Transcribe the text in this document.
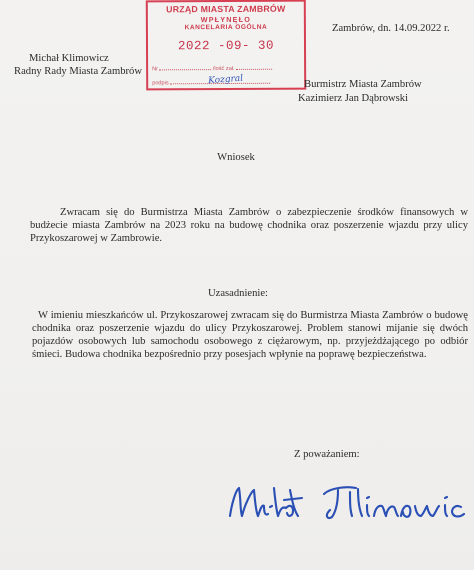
URZĄD MIASTA ZAMBRÓW
WPŁYNĘŁO
KANCELARIA OGÓLNA
2022 -09- 30
Nr	ilość zał.
podpis	Kozgral
Zambrów, dn. 14.09.2022 r.
Michał Klimowicz
Radny Rady Miasta Zambrów
Burmistrz Miasta Zambrów
Kazimierz Jan Dąbrowski
Wniosek
Zwracam się do Burmistrza Miasta Zambrów o zabezpieczenie środków finansowych w budżecie miasta Zambrów na 2023 roku na budowę chodnika oraz poszerzenie wjazdu przy ulicy Przykoszarowej w Zambrowie.
Uzasadnienie:
W imieniu mieszkańców ul. Przykoszarowej zwracam się do Burmistrza Miasta Zambrów o budowę chodnika oraz poszerzenie wjazdu do ulicy Przykoszarowej. Problem stanowi mijanie się dwóch pojazdów osobowych lub samochodu osobowego z ciężarowym, np. przyjeżdżającego po odbiór śmieci. Budowa chodnika bezpośrednio przy posesjach wpłynie na poprawę bezpieczeństwa.
Z poważaniem:
